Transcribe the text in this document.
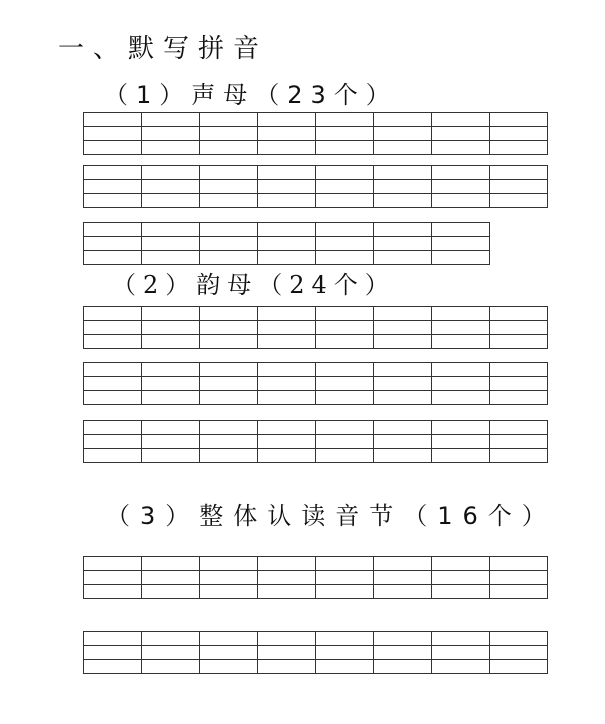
一、默写拼音
（1）声母（23个）
（2）韵母（24个）
（3）整体认读音节（16个）
